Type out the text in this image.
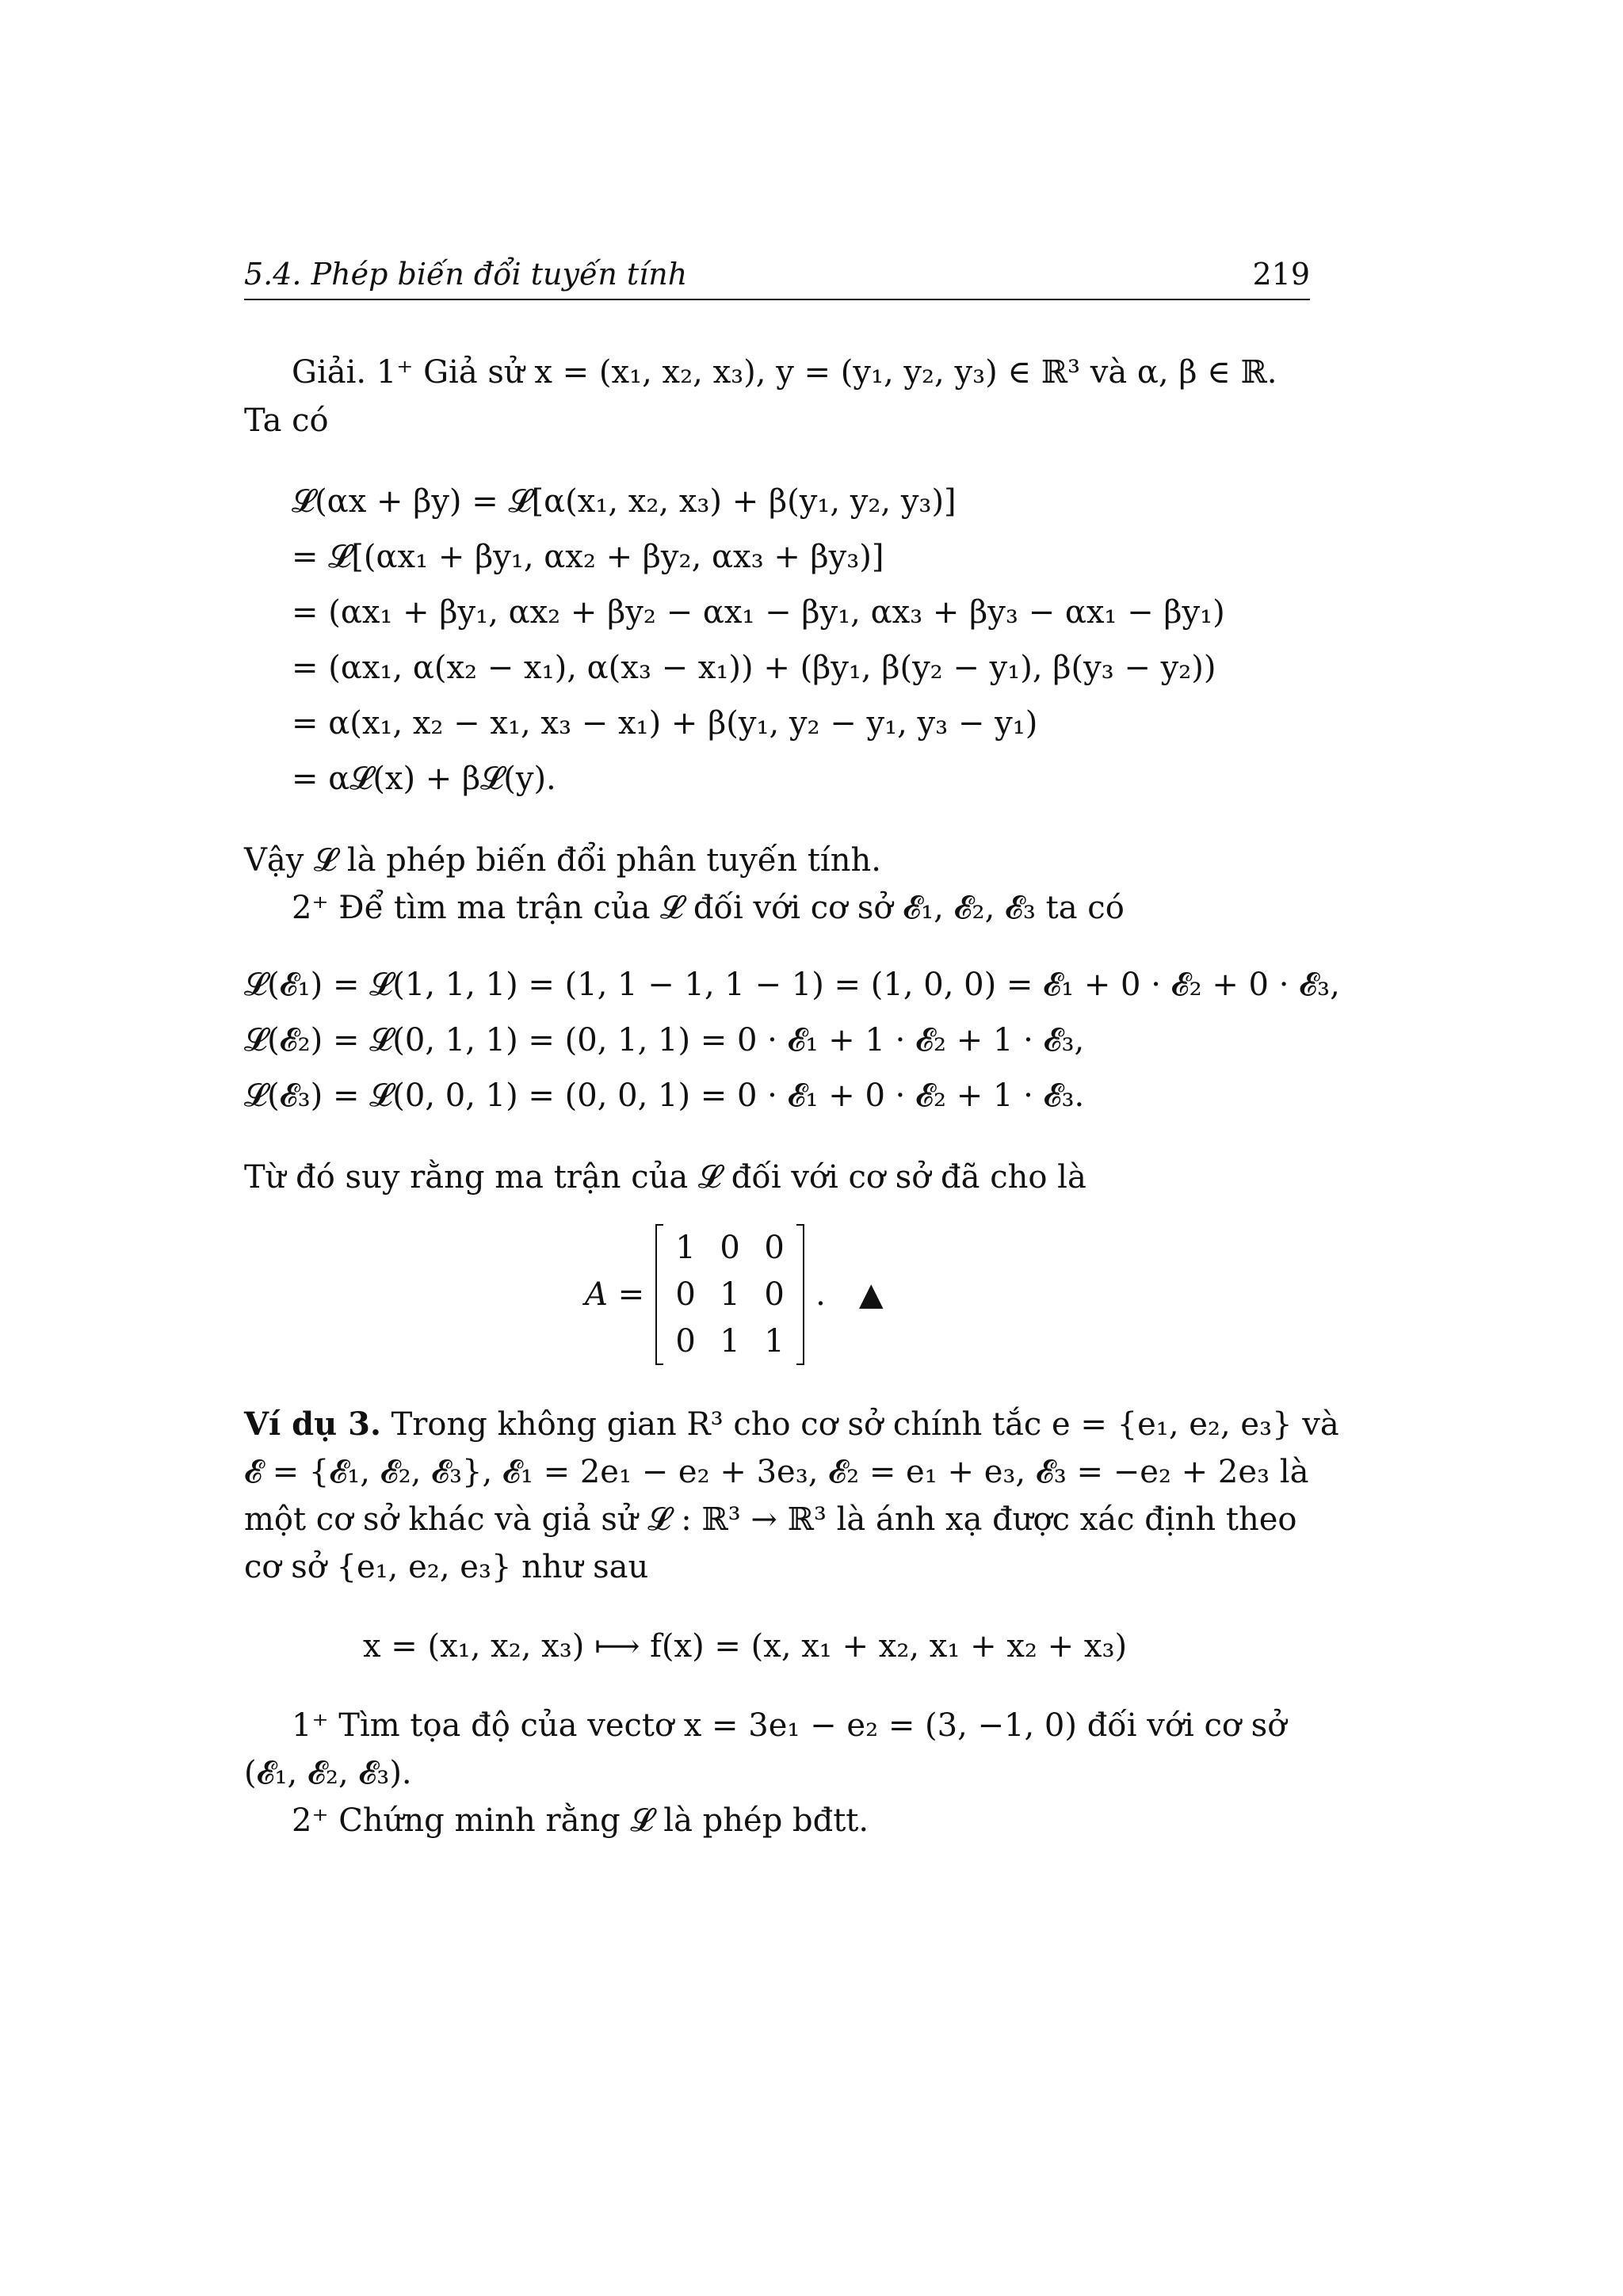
5.4. Phép biến đổi tuyến tính	219
Giải. 1⁺ Giả sử x = (x₁, x₂, x₃), y = (y₁, y₂, y₃) ∈ ℝ³ và α, β ∈ ℝ.
Ta có
𝓛(αx + βy) = 𝓛[α(x₁, x₂, x₃) + β(y₁, y₂, y₃)]
= 𝓛[(αx₁ + βy₁, αx₂ + βy₂, αx₃ + βy₃)]
= (αx₁ + βy₁, αx₂ + βy₂ − αx₁ − βy₁, αx₃ + βy₃ − αx₁ − βy₁)
= (αx₁, α(x₂ − x₁), α(x₃ − x₁)) + (βy₁, β(y₂ − y₁), β(y₃ − y₂))
= α(x₁, x₂ − x₁, x₃ − x₁) + β(y₁, y₂ − y₁, y₃ − y₁)
= α𝓛(x) + β𝓛(y).
Vậy 𝓛 là phép biến đổi phân tuyến tính.
2⁺ Để tìm ma trận của 𝓛 đối với cơ sở 𝓔₁, 𝓔₂, 𝓔₃ ta có
𝓛(𝓔₁) = 𝓛(1, 1, 1) = (1, 1 − 1, 1 − 1) = (1, 0, 0) = 𝓔₁ + 0 · 𝓔₂ + 0 · 𝓔₃,
𝓛(𝓔₂) = 𝓛(0, 1, 1) = (0, 1, 1) = 0 · 𝓔₁ + 1 · 𝓔₂ + 1 · 𝓔₃,
𝓛(𝓔₃) = 𝓛(0, 0, 1) = (0, 0, 1) = 0 · 𝓔₁ + 0 · 𝓔₂ + 1 · 𝓔₃.
Từ đó suy rằng ma trận của 𝓛 đối với cơ sở đã cho là
A =
1 0 0
0 1 0
0 1 1
. ▲
Ví dụ 3. Trong không gian R³ cho cơ sở chính tắc e = {e₁, e₂, e₃} và
𝓔 = {𝓔₁, 𝓔₂, 𝓔₃}, 𝓔₁ = 2e₁ − e₂ + 3e₃, 𝓔₂ = e₁ + e₃, 𝓔₃ = −e₂ + 2e₃ là
một cơ sở khác và giả sử 𝓛 : ℝ³ → ℝ³ là ánh xạ được xác định theo
cơ sở {e₁, e₂, e₃} như sau
x = (x₁, x₂, x₃) ⟼ f(x) = (x, x₁ + x₂, x₁ + x₂ + x₃)
1⁺ Tìm tọa độ của vectơ x = 3e₁ − e₂ = (3, −1, 0) đối với cơ sở
(𝓔₁, 𝓔₂, 𝓔₃).
2⁺ Chứng minh rằng 𝓛 là phép bđtt.
